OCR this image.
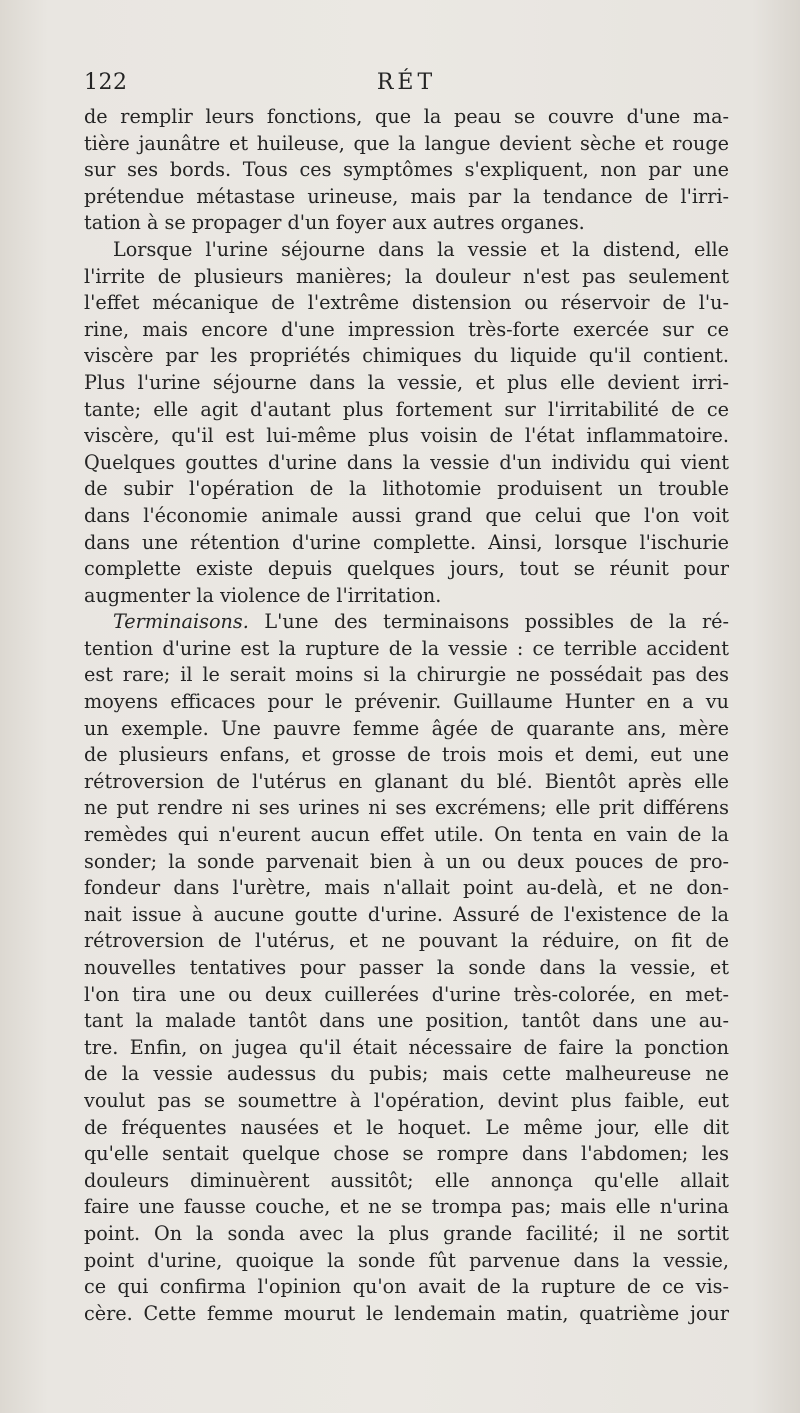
122	RÉT
de remplir leurs fonctions, que la peau se couvre d'une ma-
tière jaunâtre et huileuse, que la langue devient sèche et rouge
sur ses bords. Tous ces symptômes s'expliquent, non par une
prétendue métastase urineuse, mais par la tendance de l'irri-
tation à se propager d'un foyer aux autres organes.
Lorsque l'urine séjourne dans la vessie et la distend, elle
l'irrite de plusieurs manières; la douleur n'est pas seulement
l'effet mécanique de l'extrême distension ou réservoir de l'u-
rine, mais encore d'une impression très-forte exercée sur ce
viscère par les propriétés chimiques du liquide qu'il contient.
Plus l'urine séjourne dans la vessie, et plus elle devient irri-
tante; elle agit d'autant plus fortement sur l'irritabilité de ce
viscère, qu'il est lui-même plus voisin de l'état inflammatoire.
Quelques gouttes d'urine dans la vessie d'un individu qui vient
de subir l'opération de la lithotomie produisent un trouble
dans l'économie animale aussi grand que celui que l'on voit
dans une rétention d'urine complette. Ainsi, lorsque l'ischurie
complette existe depuis quelques jours, tout se réunit pour
augmenter la violence de l'irritation.
Terminaisons. L'une des terminaisons possibles de la ré-
tention d'urine est la rupture de la vessie : ce terrible accident
est rare; il le serait moins si la chirurgie ne possédait pas des
moyens efficaces pour le prévenir. Guillaume Hunter en a vu
un exemple. Une pauvre femme âgée de quarante ans, mère
de plusieurs enfans, et grosse de trois mois et demi, eut une
rétroversion de l'utérus en glanant du blé. Bientôt après elle
ne put rendre ni ses urines ni ses excrémens; elle prit différens
remèdes qui n'eurent aucun effet utile. On tenta en vain de la
sonder; la sonde parvenait bien à un ou deux pouces de pro-
fondeur dans l'urètre, mais n'allait point au-delà, et ne don-
nait issue à aucune goutte d'urine. Assuré de l'existence de la
rétroversion de l'utérus, et ne pouvant la réduire, on fit de
nouvelles tentatives pour passer la sonde dans la vessie, et
l'on tira une ou deux cuillerées d'urine très-colorée, en met-
tant la malade tantôt dans une position, tantôt dans une au-
tre. Enfin, on jugea qu'il était nécessaire de faire la ponction
de la vessie audessus du pubis; mais cette malheureuse ne
voulut pas se soumettre à l'opération, devint plus faible, eut
de fréquentes nausées et le hoquet. Le même jour, elle dit
qu'elle sentait quelque chose se rompre dans l'abdomen; les
douleurs diminuèrent aussitôt; elle annonça qu'elle allait
faire une fausse couche, et ne se trompa pas; mais elle n'urina
point. On la sonda avec la plus grande facilité; il ne sortit
point d'urine, quoique la sonde fût parvenue dans la vessie,
ce qui confirma l'opinion qu'on avait de la rupture de ce vis-
cère. Cette femme mourut le lendemain matin, quatrième jour
